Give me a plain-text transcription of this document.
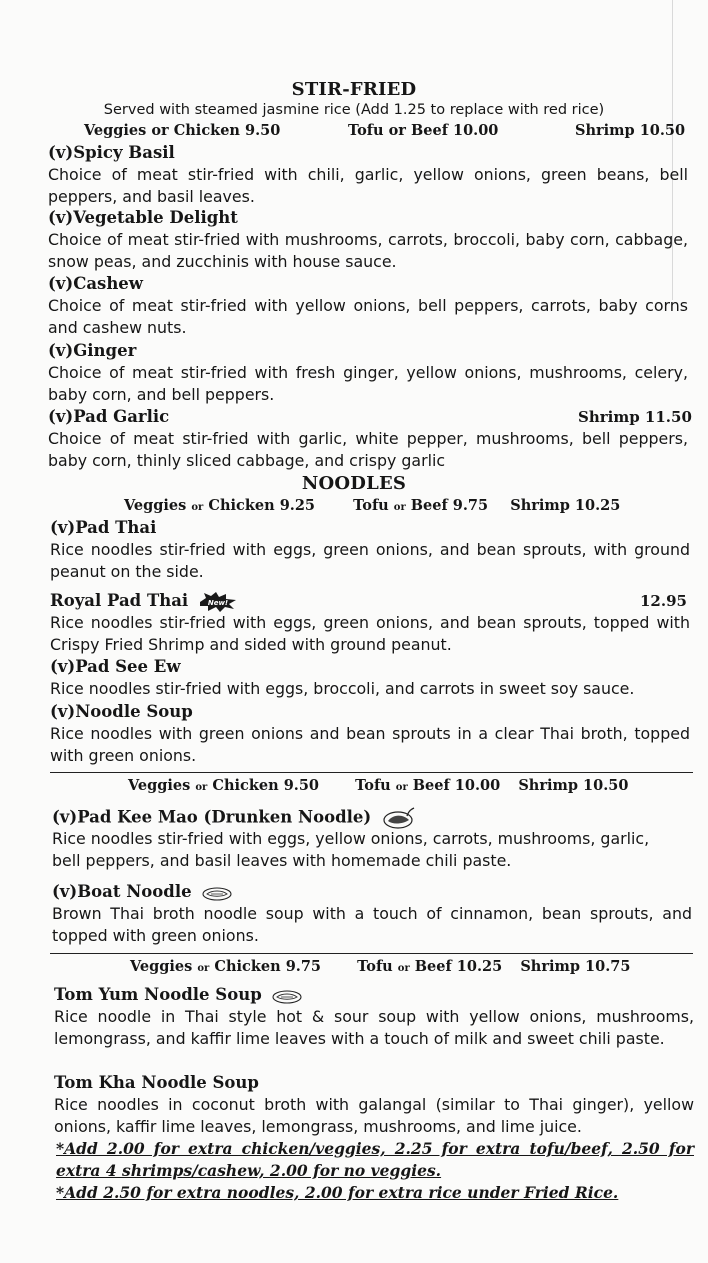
STIR-FRIED
Served with steamed jasmine rice (Add 1.25 to replace with red rice)
Veggies or Chicken 9.50	Tofu or Beef 10.00	Shrimp 10.50
(v)Spicy Basil
Choice of meat stir-fried with chili, garlic, yellow onions, green beans, bell peppers, and basil leaves.
(v)Vegetable Delight
Choice of meat stir-fried with mushrooms, carrots, broccoli, baby corn, cabbage, snow peas, and zucchinis with house sauce.
(v)Cashew
Choice of meat stir-fried with yellow onions, bell peppers, carrots, baby corns and cashew nuts.
(v)Ginger
Choice of meat stir-fried with fresh ginger, yellow onions, mushrooms, celery, baby corn, and bell peppers.
(v)Pad Garlic	Shrimp 11.50
Choice of meat stir-fried with garlic, white pepper, mushrooms, bell peppers, baby corn, thinly sliced cabbage, and crispy garlic
NOODLES
Veggies or Chicken 9.25	Tofu or Beef 9.75 Shrimp 10.25
(v)Pad Thai
Rice noodles stir-fried with eggs, green onions, and bean sprouts, with ground peanut on the side.
Royal Pad Thai	New!	12.95
Rice noodles stir-fried with eggs, green onions, and bean sprouts, topped with Crispy Fried Shrimp and sided with ground peanut.
(v)Pad See Ew
Rice noodles stir-fried with eggs, broccoli, and carrots in sweet soy sauce.
(v)Noodle Soup
Rice noodles with green onions and bean sprouts in a clear Thai broth, topped with green onions.
Veggies or Chicken 9.50 Tofu or Beef 10.00 Shrimp 10.50
(v)Pad Kee Mao (Drunken Noodle)
Rice noodles stir-fried with eggs, yellow onions, carrots, mushrooms, garlic, bell peppers, and basil leaves with homemade chili paste.
(v)Boat Noodle
Brown Thai broth noodle soup with a touch of cinnamon, bean sprouts, and topped with green onions.
Veggies or Chicken 9.75 Tofu or Beef 10.25 Shrimp 10.75
Tom Yum Noodle Soup
Rice noodle in Thai style hot & sour soup with yellow onions, mushrooms, lemongrass, and kaffir lime leaves with a touch of milk and sweet chili paste.
Tom Kha Noodle Soup
Rice noodles in coconut broth with galangal (similar to Thai ginger), yellow onions, kaffir lime leaves, lemongrass, mushrooms, and lime juice.
*Add 2.00 for extra chicken/veggies, 2.25 for extra tofu/beef, 2.50 for extra 4 shrimps/cashew, 2.00 for no veggies.
*Add 2.50 for extra noodles, 2.00 for extra rice under Fried Rice.
